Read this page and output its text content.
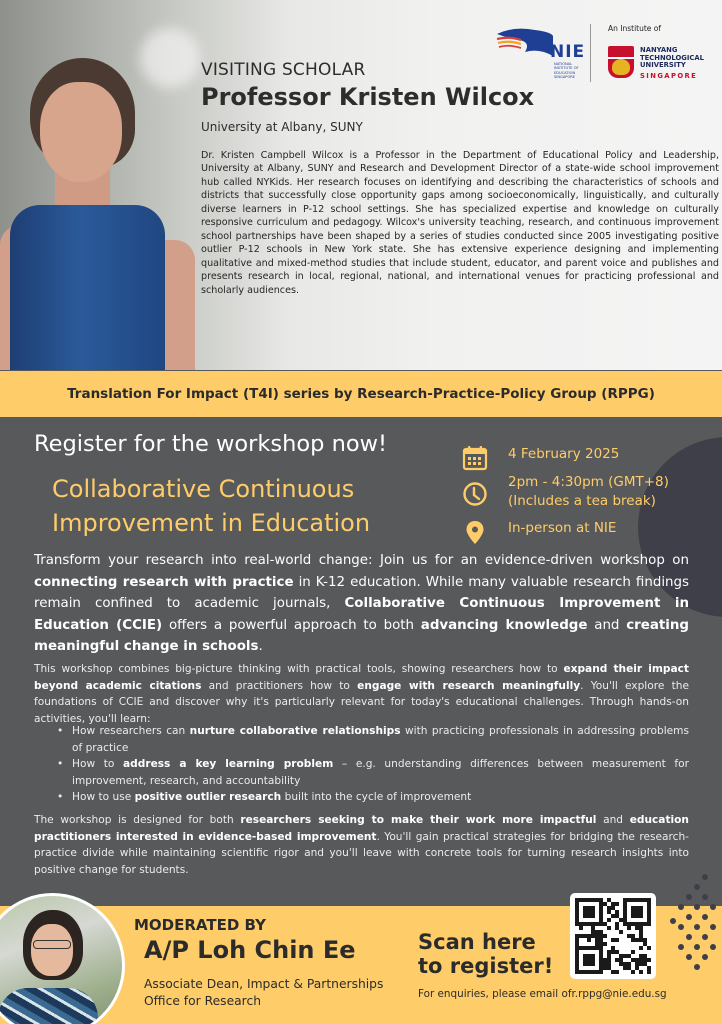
NIE
NATIONAL
INSTITUTE OF
EDUCATION
SINGAPORE
An Institute of
NANYANG
TECHNOLOGICAL
UNIVERSITY
SINGAPORE
VISITING SCHOLAR
Professor Kristen Wilcox
University at Albany, SUNY

Dr. Kristen Campbell Wilcox is a Professor in the Department of Educational Policy and Leadership, University at Albany, SUNY and Research and Development Director of a state-wide school improvement hub called NYKids. Her research focuses on identifying and describing the characteristics of schools and districts that successfully close opportunity gaps among socioeconomically, linguistically, and culturally diverse learners in P-12 school settings. She has specialized expertise and knowledge on culturally responsive curriculum and pedagogy. Wilcox's university teaching, research, and continuous improvement school partnerships have been shaped by a series of studies conducted since 2005 investigating positive outlier P-12 schools in New York state. She has extensive experience designing and implementing qualitative and mixed-method studies that include student, educator, and parent voice and publishes and presents research in local, regional, national, and international venues for practicing professional and scholarly audiences.

Translation For Impact (T4I) series by Research-Practice-Policy Group (RPPG)
Register for the workshop now!
Collaborative Continuous
Improvement in Education
4 February 2025
2pm - 4:30pm (GMT+8)
(Includes a tea break)
In-person at NIE

Transform your research into real-world change: Join us for an evidence-driven workshop on connecting research with practice in K-12 education. While many valuable research findings remain confined to academic journals, Collaborative Continuous Improvement in Education (CCIE) offers a powerful approach to both advancing knowledge and creating meaningful change in schools.

This workshop combines big-picture thinking with practical tools, showing researchers how to expand their impact beyond academic citations and practitioners how to engage with research meaningfully. You'll explore the foundations of CCIE and discover why it's particularly relevant for today's educational challenges. Through hands-on activities, you'll learn:

• How researchers can nurture collaborative relationships with practicing professionals in addressing problems of practice
• How to address a key learning problem – e.g. understanding differences between measurement for improvement, research, and accountability
• How to use positive outlier research built into the cycle of improvement

The workshop is designed for both researchers seeking to make their work more impactful and education practitioners interested in evidence-based improvement. You'll gain practical strategies for bridging the research-practice divide while maintaining scientific rigor and you'll leave with concrete tools for turning research insights into positive change for students.

MODERATED BY
A/P Loh Chin Ee
Associate Dean, Impact & Partnerships
Office for Research
Scan here
to register!
For enquiries, please email ofr.rppg@nie.edu.sg
